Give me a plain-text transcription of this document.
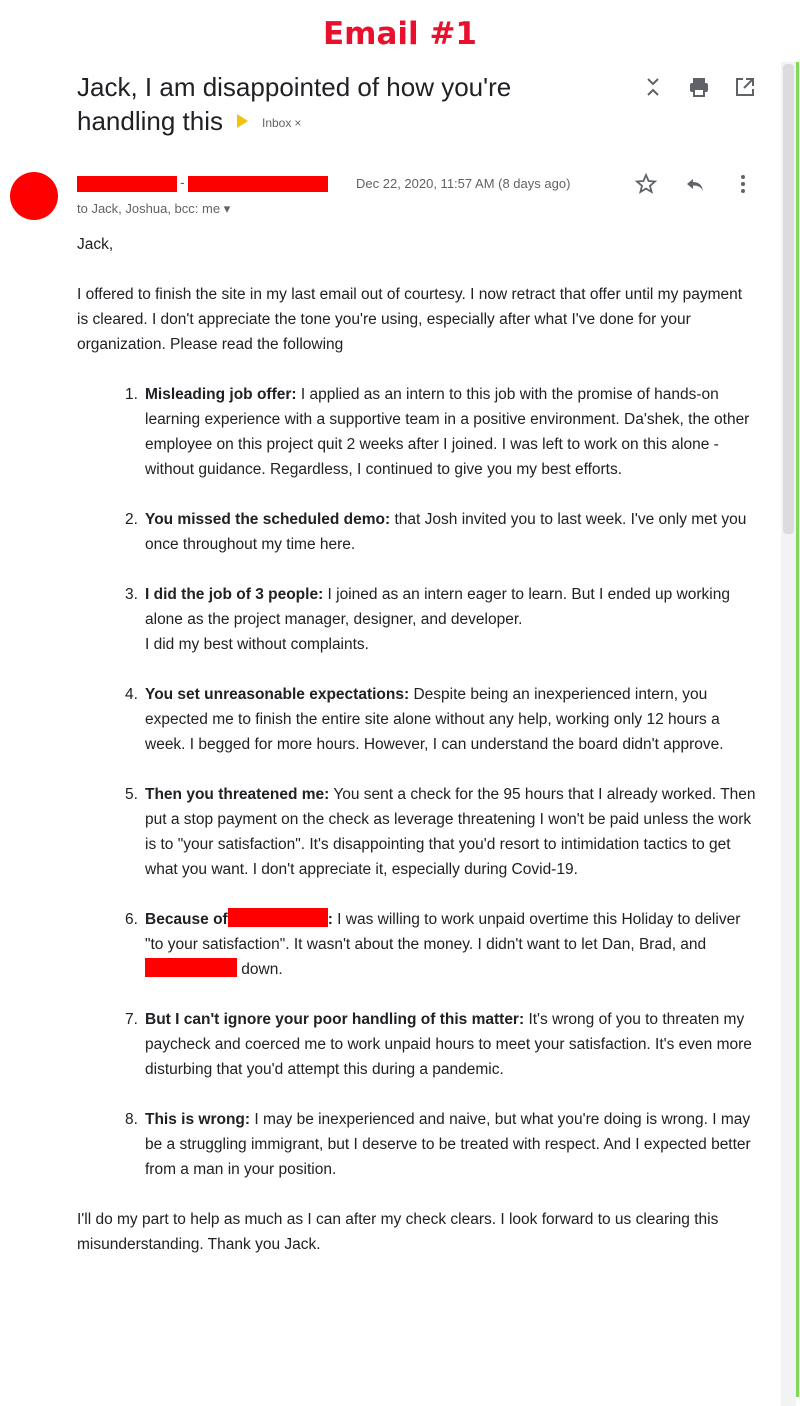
Email #1
Jack, I am disappointed of how you're handling this	Inbox ×
-	Dec 22, 2020, 11:57 AM (8 days ago)
to Jack, Joshua, bcc: me ▾

Jack,

I offered to finish the site in my last email out of courtesy. I now retract that offer until my payment is cleared. I don't appreciate the tone you're using, especially after what I've done for your organization. Please read the following

1. Misleading job offer: I applied as an intern to this job with the promise of hands-on learning experience with a supportive team in a positive environment. Da'shek, the other employee on this project quit 2 weeks after I joined. I was left to work on this alone - without guidance. Regardless, I continued to give you my best efforts.
2. You missed the scheduled demo: that Josh invited you to last week. I've only met you once throughout my time here.
3. I did the job of 3 people: I joined as an intern eager to learn. But I ended up working alone as the project manager, designer, and developer.
I did my best without complaints.
4. You set unreasonable expectations: Despite being an inexperienced intern, you expected me to finish the entire site alone without any help, working only 12 hours a week. I begged for more hours. However, I can understand the board didn't approve.
5. Then you threatened me: You sent a check for the 95 hours that I already worked. Then put a stop payment on the check as leverage threatening I won't be paid unless the work is to "your satisfaction". It's disappointing that you'd resort to intimidation tactics to get what you want. I don't appreciate it, especially during Covid-19.
6. Because of	: I was willing to work unpaid overtime this Holiday to deliver "to your satisfaction". It wasn't about the money. I didn't want to let Dan, Brad, and  down.
7. But I can't ignore your poor handling of this matter: It's wrong of you to threaten my paycheck and coerced me to work unpaid hours to meet your satisfaction. It's even more disturbing that you'd attempt this during a pandemic.
8. This is wrong: I may be inexperienced and naive, but what you're doing is wrong. I may be a struggling immigrant, but I deserve to be treated with respect. And I expected better from a man in your position.

I'll do my part to help as much as I can after my check clears. I look forward to us clearing this misunderstanding. Thank you Jack.
